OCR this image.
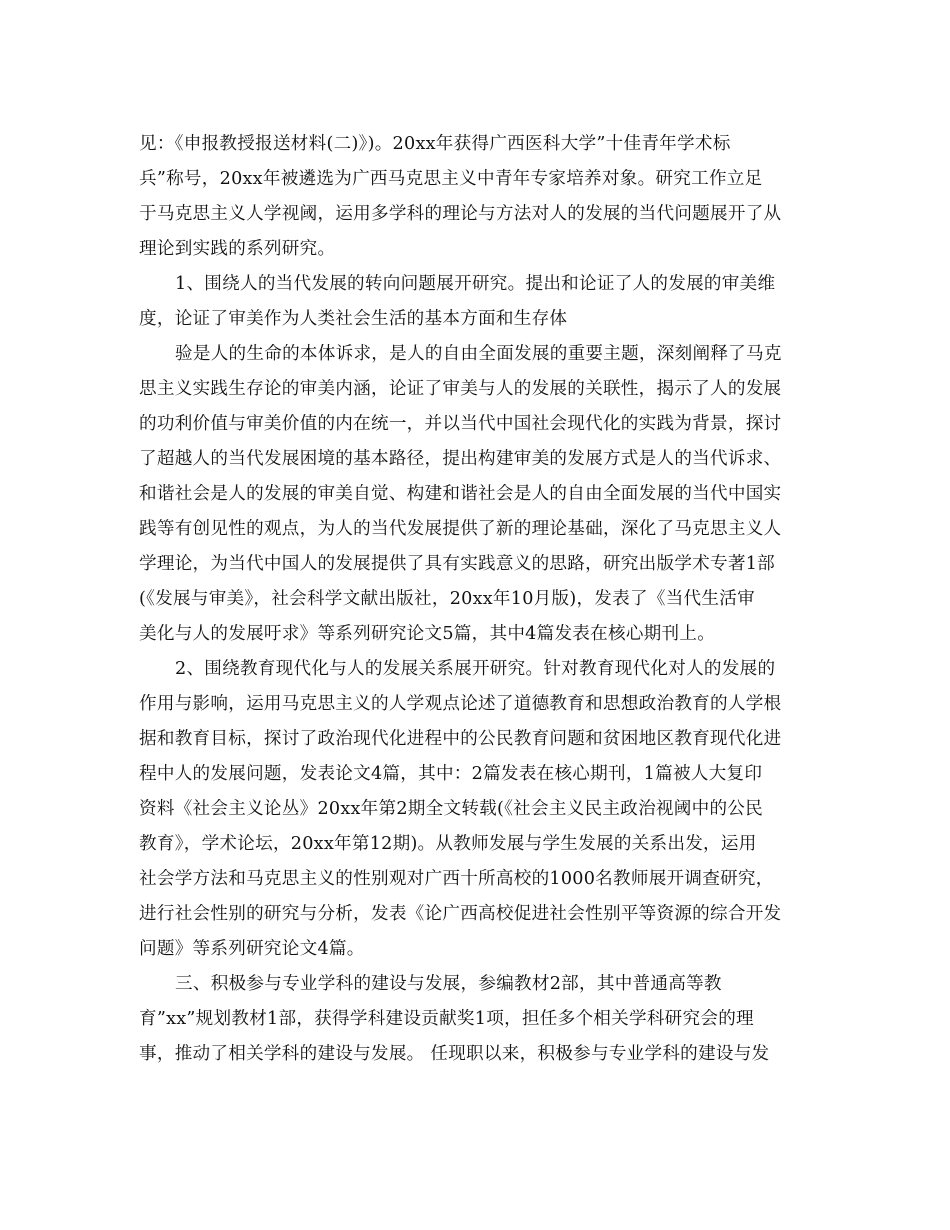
见：《申报教授报送材料(二)》)。20xx年获得广西医科大学”十佳青年学术标
兵”称号，20xx年被遴选为广西马克思主义中青年专家培养对象。研究工作立足
于马克思主义人学视阈，运用多学科的理论与方法对人的发展的当代问题展开了从
理论到实践的系列研究。
1、围绕人的当代发展的转向问题展开研究。提出和论证了人的发展的审美维
度，论证了审美作为人类社会生活的基本方面和生存体
验是人的生命的本体诉求，是人的自由全面发展的重要主题，深刻阐释了马克
思主义实践生存论的审美内涵，论证了审美与人的发展的关联性，揭示了人的发展
的功利价值与审美价值的内在统一，并以当代中国社会现代化的实践为背景，探讨
了超越人的当代发展困境的基本路径，提出构建审美的发展方式是人的当代诉求、
和谐社会是人的发展的审美自觉、构建和谐社会是人的自由全面发展的当代中国实
践等有创见性的观点，为人的当代发展提供了新的理论基础，深化了马克思主义人
学理论，为当代中国人的发展提供了具有实践意义的思路，研究出版学术专著1部
(《发展与审美》，社会科学文献出版社，20xx年10月版)，发表了《当代生活审
美化与人的发展吁求》等系列研究论文5篇，其中4篇发表在核心期刊上。
2、围绕教育现代化与人的发展关系展开研究。针对教育现代化对人的发展的
作用与影响，运用马克思主义的人学观点论述了道德教育和思想政治教育的人学根
据和教育目标，探讨了政治现代化进程中的公民教育问题和贫困地区教育现代化进
程中人的发展问题，发表论文4篇，其中：2篇发表在核心期刊，1篇被人大复印
资料《社会主义论丛》20xx年第2期全文转载(《社会主义民主政治视阈中的公民
教育》，学术论坛，20xx年第12期)。从教师发展与学生发展的关系出发，运用
社会学方法和马克思主义的性别观对广西十所高校的1000名教师展开调查研究，
进行社会性别的研究与分析，发表《论广西高校促进社会性别平等资源的综合开发
问题》等系列研究论文4篇。
三、积极参与专业学科的建设与发展，参编教材2部，其中普通高等教
育”xx”规划教材1部，获得学科建设贡献奖1项，担任多个相关学科研究会的理
事，推动了相关学科的建设与发展。 任现职以来，积极参与专业学科的建设与发
